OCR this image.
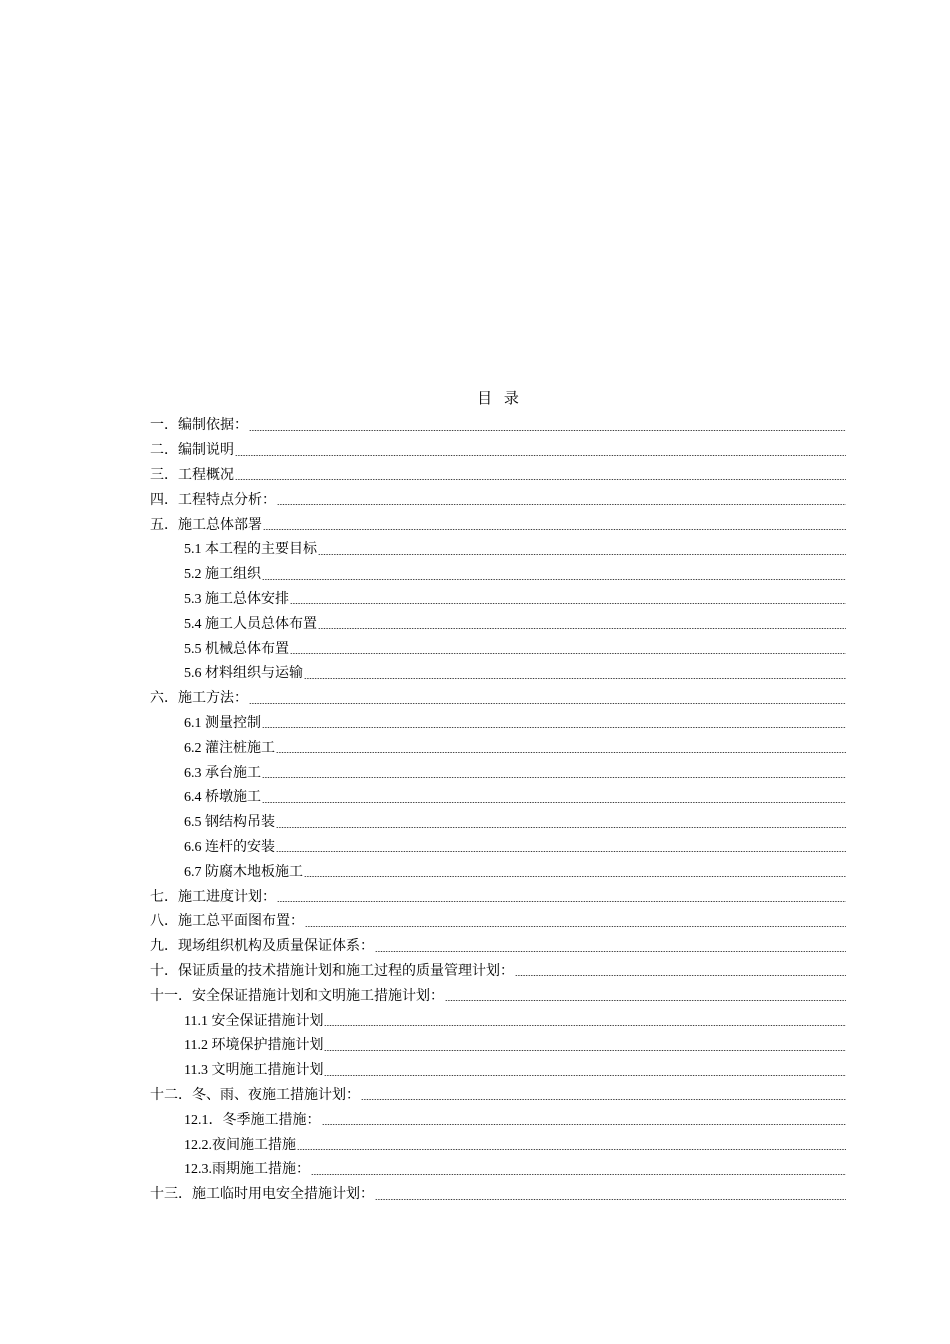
目 录
一．编制依据：
二．编制说明
三．工程概况
四．工程特点分析：
五．施工总体部署
5.1 本工程的主要目标
5.2 施工组织
5.3 施工总体安排
5.4 施工人员总体布置
5.5 机械总体布置
5.6 材料组织与运输
六．施工方法：
6.1 测量控制
6.2 灌注桩施工
6.3 承台施工
6.4 桥墩施工
6.5 钢结构吊装
6.6 连杆的安装
6.7 防腐木地板施工
七．施工进度计划：
八．施工总平面图布置：
九．现场组织机构及质量保证体系：
十．保证质量的技术措施计划和施工过程的质量管理计划：
十一．安全保证措施计划和文明施工措施计划：
11.1 安全保证措施计划
11.2 环境保护措施计划
11.3 文明施工措施计划
十二．冬、雨、夜施工措施计划：
12.1．冬季施工措施：
12.2.夜间施工措施
12.3.雨期施工措施：
十三．施工临时用电安全措施计划：
